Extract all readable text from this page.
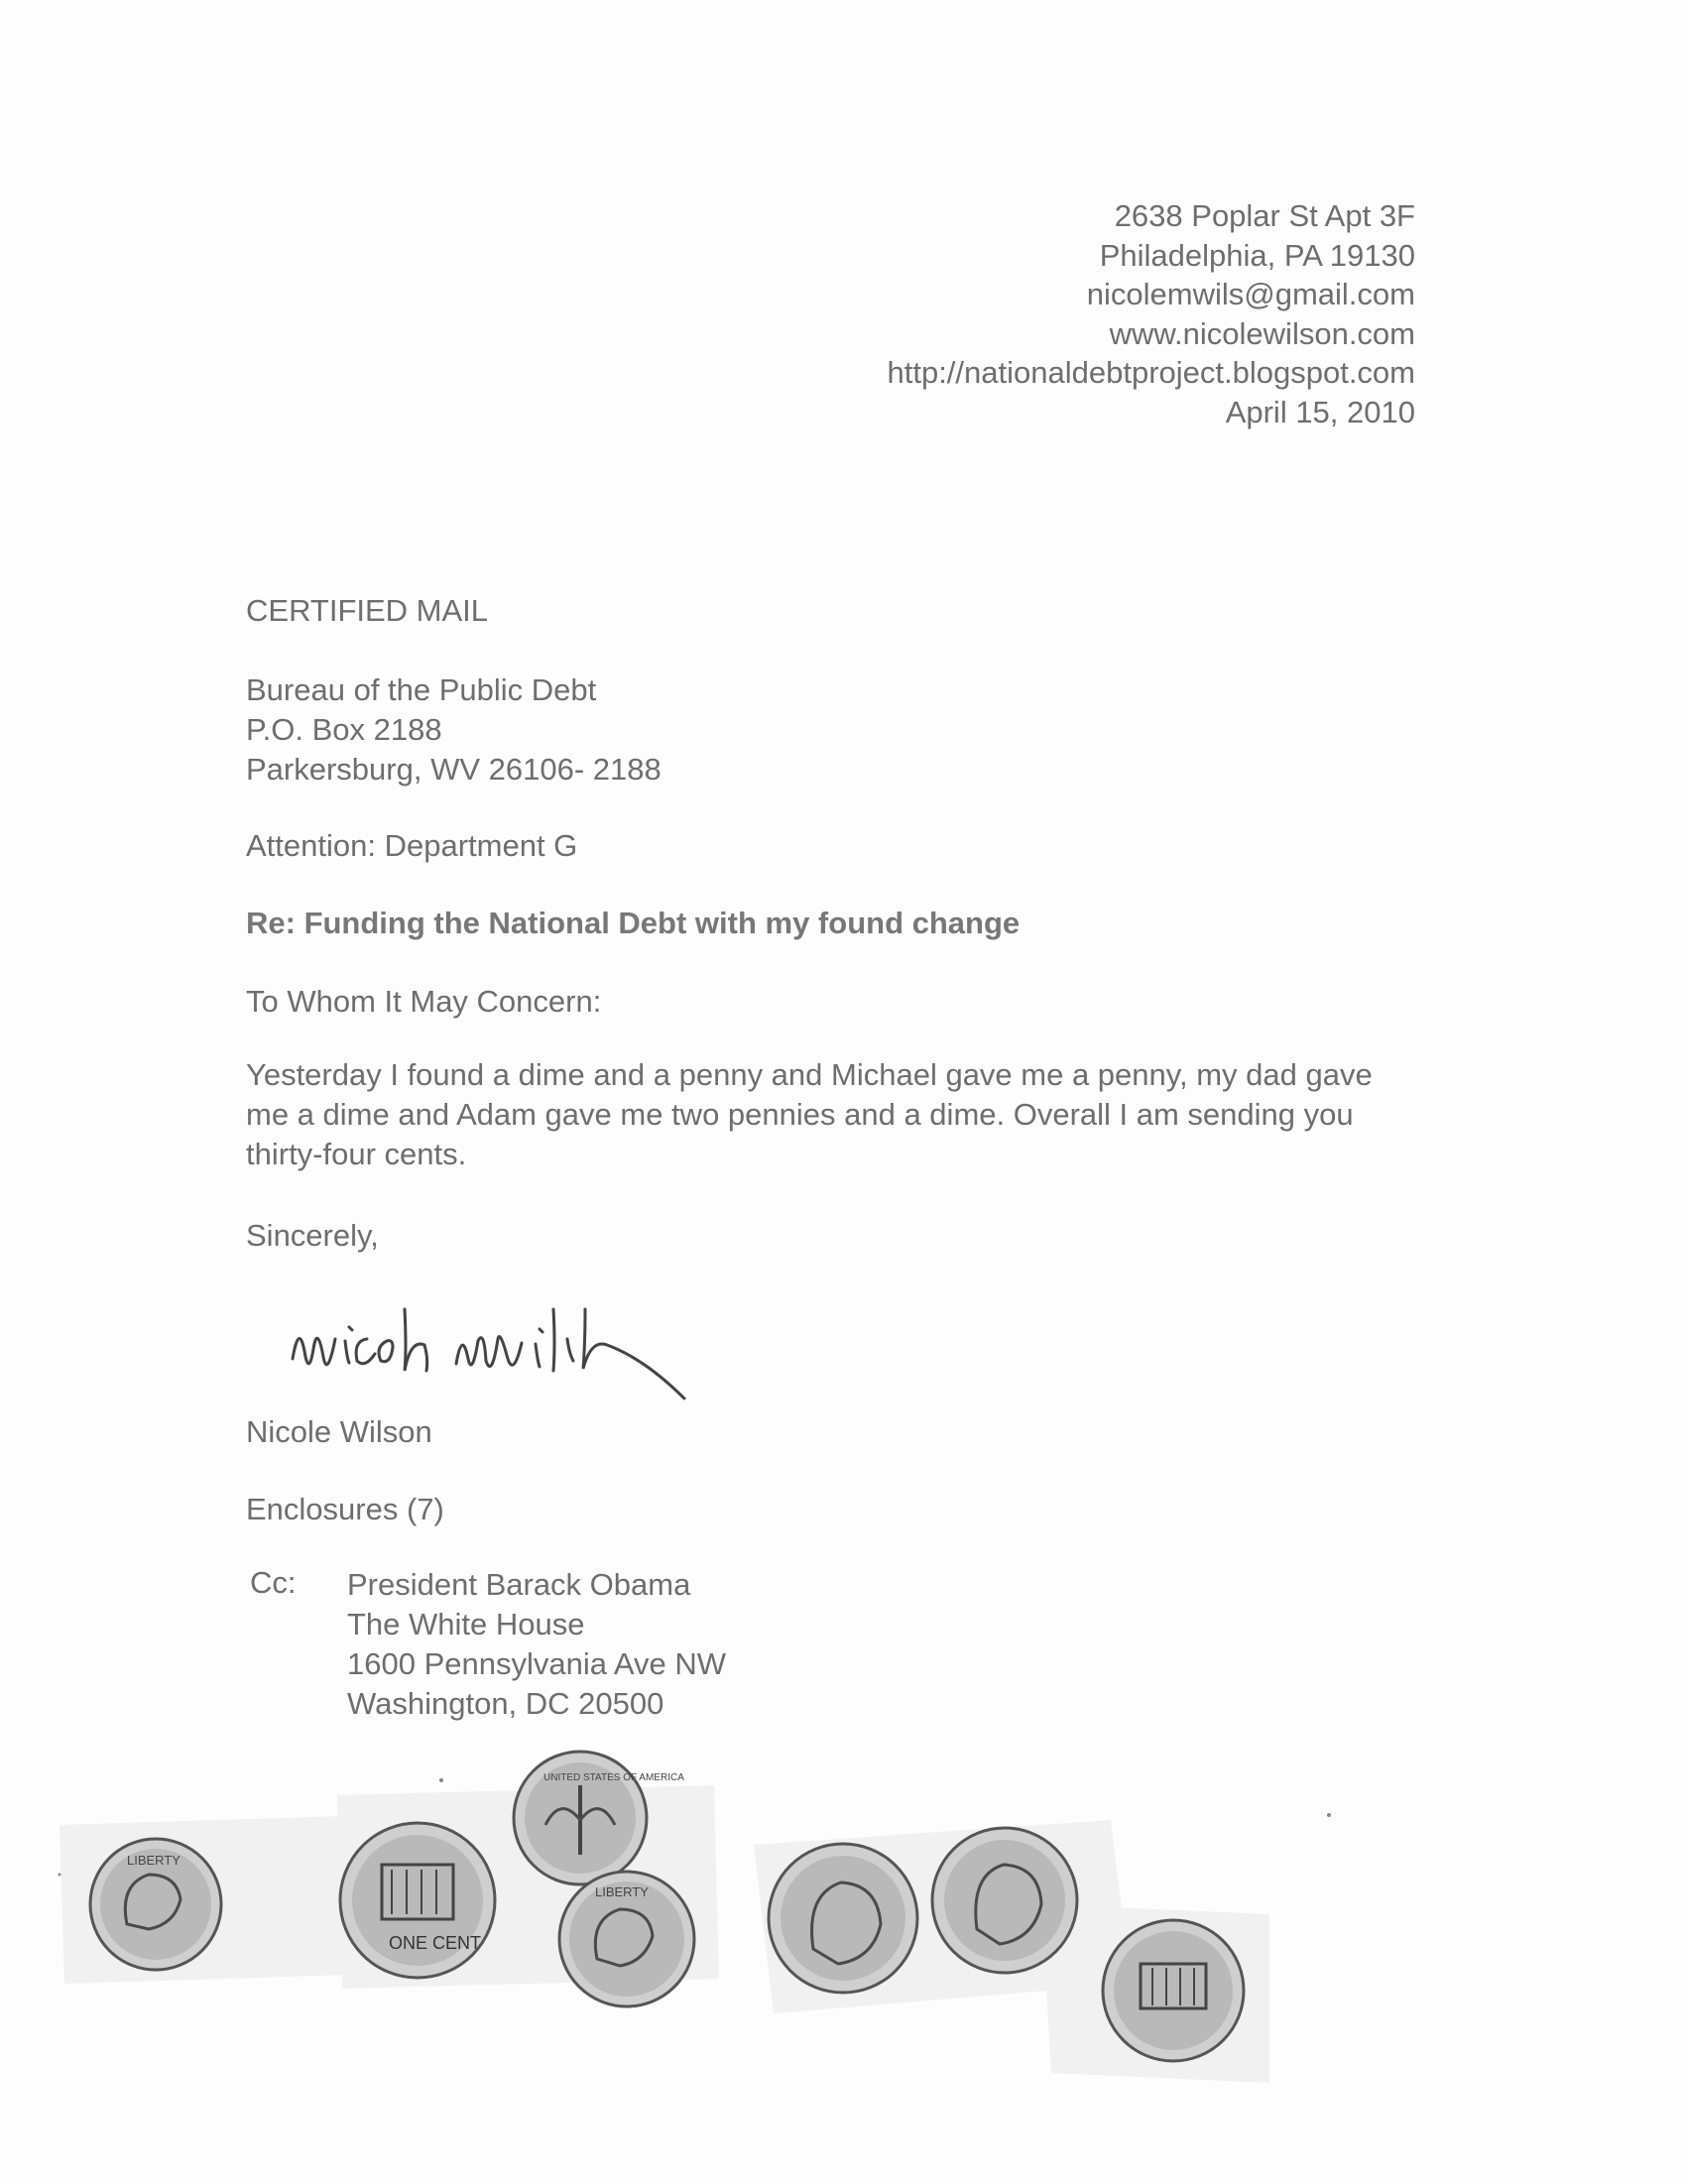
2638 Poplar St Apt 3F
Philadelphia, PA 19130
nicolemwils@gmail.com
www.nicolewilson.com
http://nationaldebtproject.blogspot.com
April 15, 2010
CERTIFIED MAIL
Bureau of the Public Debt
P.O. Box 2188
Parkersburg, WV 26106- 2188
Attention: Department G
Re: Funding the National Debt with my found change
To Whom It May Concern:
Yesterday I found a dime and a penny and Michael gave me a penny, my dad gave me a dime and Adam gave me two pennies and a dime. Overall I am sending you thirty-four cents.
Sincerely,
Nicole Wilson
Enclosures (7)
Cc: President Barack Obama
The White House
1600 Pennsylvania Ave NW
Washington, DC 20500
LIBERTY
ONE CENT
UNITED STATES OF AMERICA
LIBERTY
